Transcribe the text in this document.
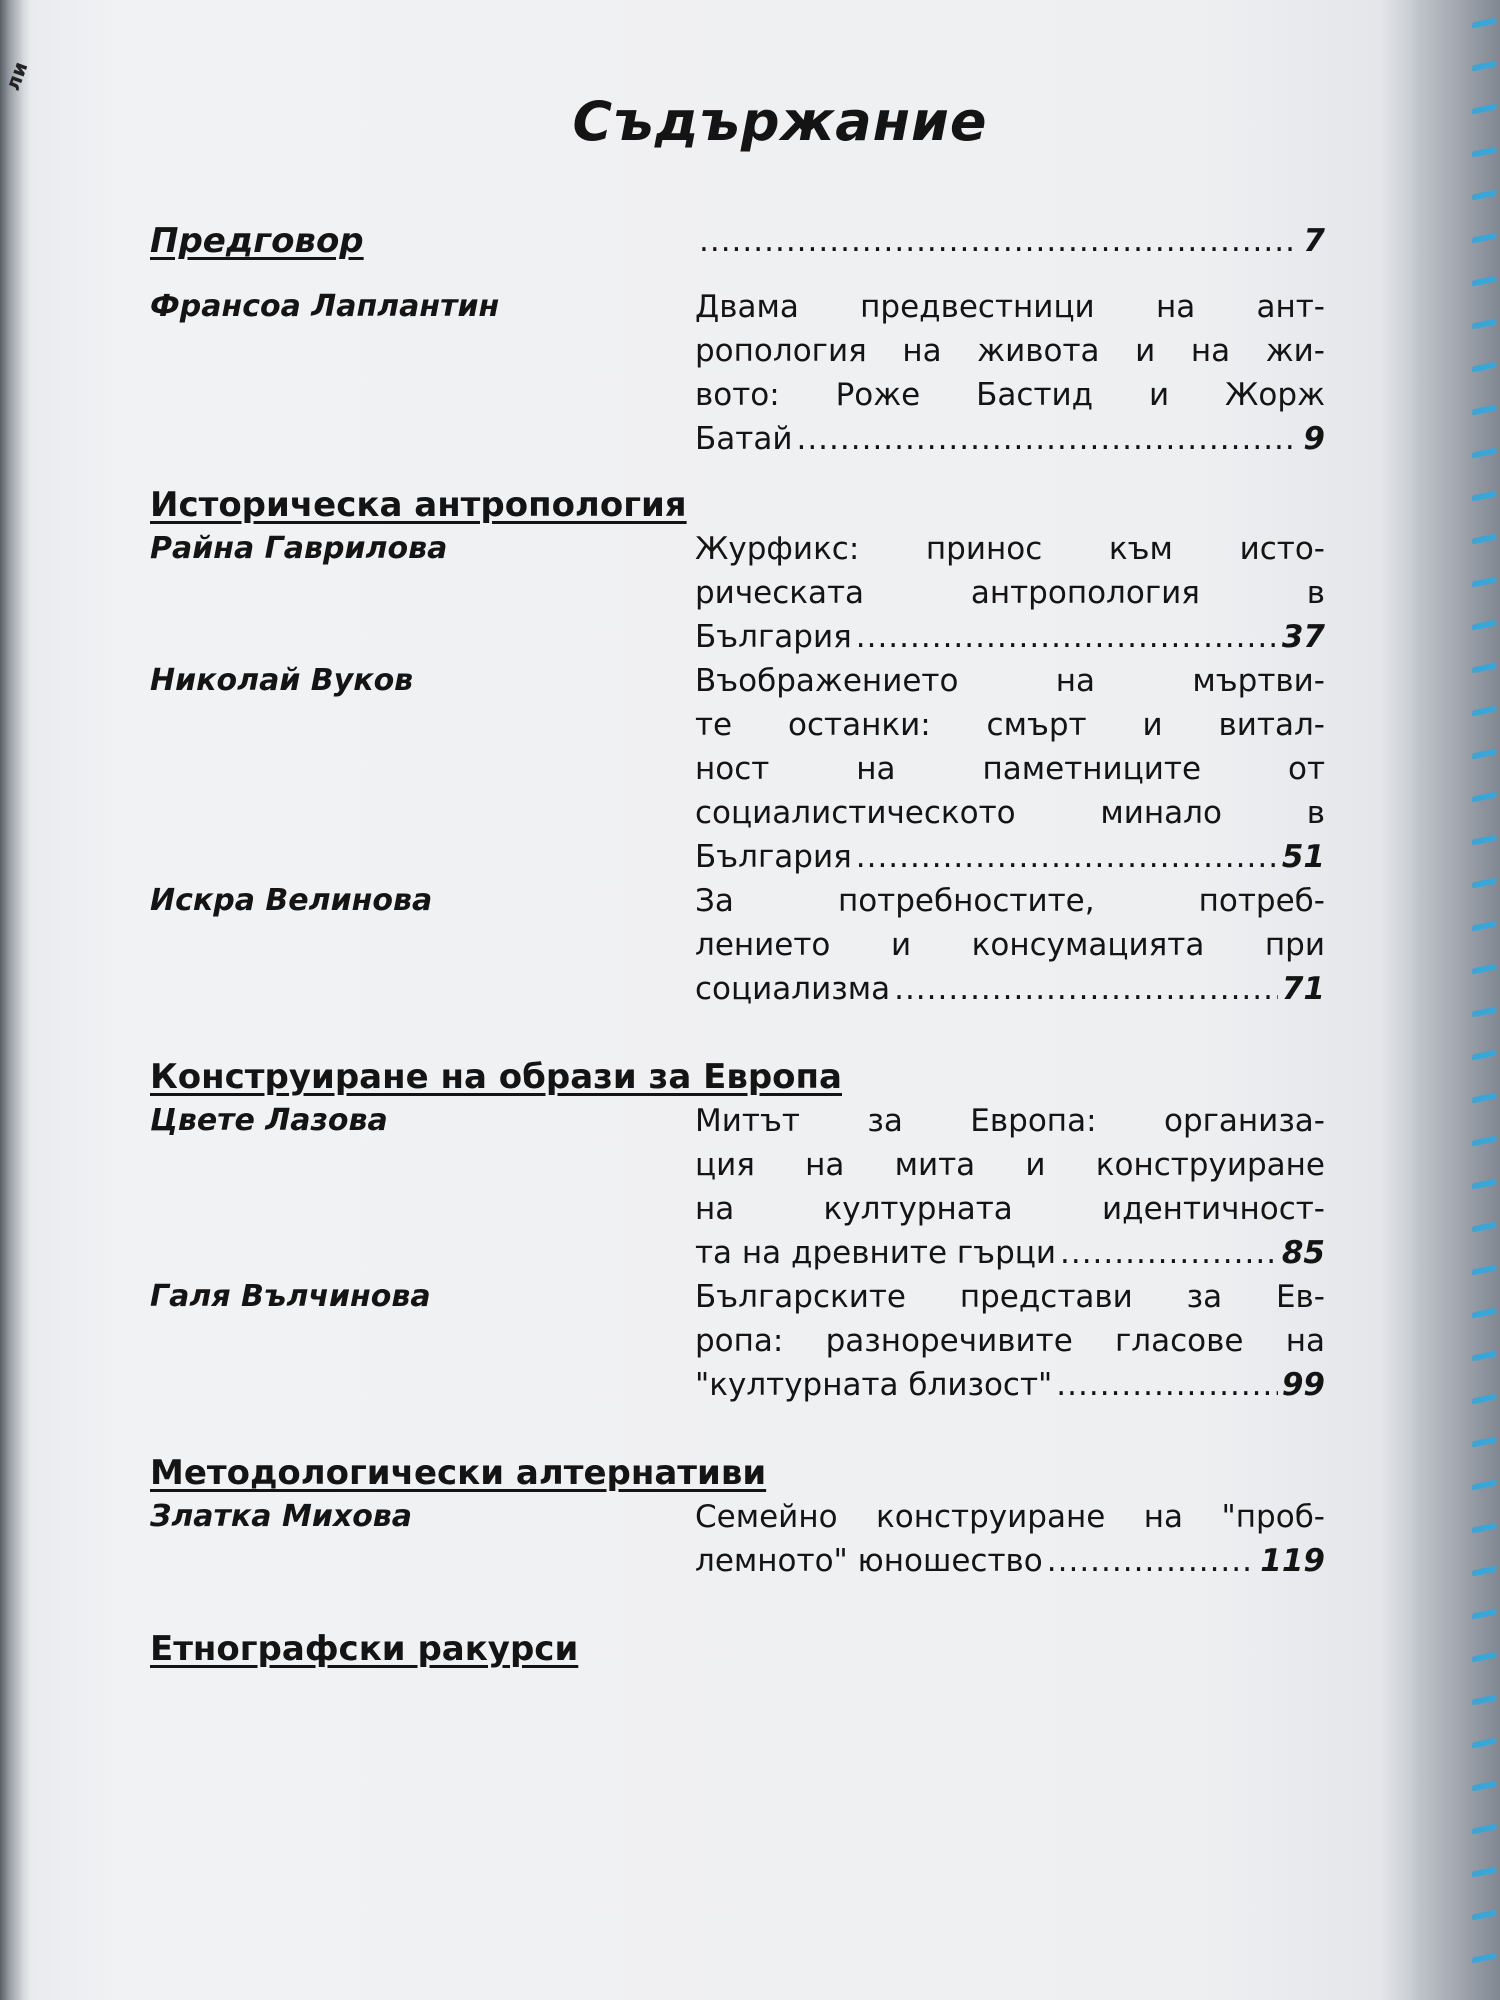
ли
Съдържание
Предговор .....	7
Франсоа Лаплантин	Двама предвестници на ант-
ропология на живота и на жи-
вото: Роже Бастид и Жорж
Батай .....	9
Историческа антропология
Райна Гаврилова	Журфикс: принос към исто-
рическата антропология в
България .....	37
Николай Вуков	Въображението на мъртви-
те останки: смърт и витал-
ност на паметниците от
социалистическото минало в
България .....	51
Искра Велинова	За потребностите, потреб-
лението и консумацията при
социализма .....	71
Конструиране на образи за Европа
Цвете Лазова	Митът за Европа: организа-
ция на мита и конструиране
на културната идентичност-
та на древните гърци .....	85
Галя Вълчинова	Българските представи за Ев-
ропа: разноречивите гласове на
"културната близост" .....	99
Методологически алтернативи
Златка Михова	Семейно конструиране на "проб-
лемното" юношество .....	119
Етнографски ракурси
